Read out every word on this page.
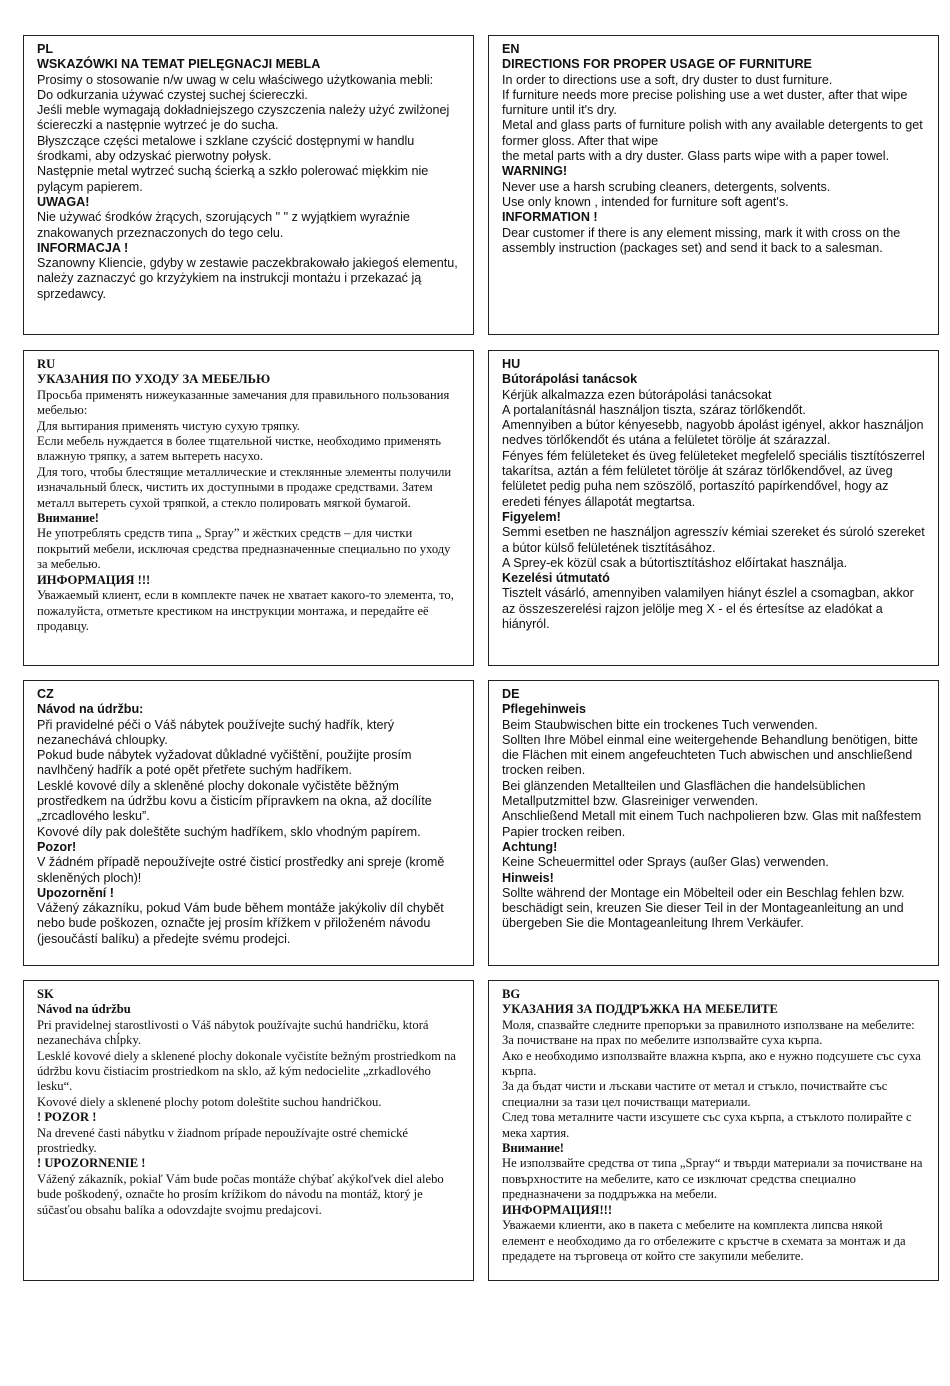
PL
WSKAZÓWKI NA TEMAT PIELĘGNACJI MEBLA
Prosimy o stosowanie n/w uwag w celu właściwego użytkowania mebli:
Do odkurzania używać czystej suchej ściereczki.
Jeśli meble wymagają dokładniejszego czyszczenia należy użyć zwilżonej ściereczki a następnie wytrzeć je do sucha.
Błyszczące części metalowe i szklane czyścić dostępnymi w handlu środkami, aby odzyskać pierwotny połysk.
Następnie metal wytrzeć suchą ścierką a szkło polerować miękkim nie pylącym papierem.
UWAGA!
Nie używać środków żrących, szorujących " " z wyjątkiem wyraźnie znakowanych przeznaczonych do tego celu.
INFORMACJA !
Szanowny Kliencie, gdyby w zestawie paczekbrakowało jakiegoś elementu, należy zaznaczyć go krzyżykiem na instrukcji montażu i przekazać ją sprzedawcy.
EN
DIRECTIONS FOR PROPER USAGE OF FURNITURE
In order to directions use a soft, dry duster to dust furniture.
If furniture needs more precise polishing use a wet duster, after that wipe furniture until it's dry.
Metal and glass parts of furniture polish with any available detergents to get former gloss. After that wipe
the metal parts with a dry duster. Glass parts wipe with a paper towel.
WARNING!
Never use a harsh scrubing cleaners, detergents, solvents.
Use only known , intended for furniture soft agent's.
INFORMATION !
Dear customer if there is any element missing, mark it with cross on the assembly instruction (packages set) and send it back to a salesman.
RU
УКАЗАНИЯ ПО УХОДУ ЗА МЕБЕЛЬЮ
Просьба применять нижеуказанные замечания для правильного пользования мебелью:
Для вытирания применять чистую сухую тряпку.
Если мебель нуждается в более тщательной чистке, необходимо применять влажную тряпку, а затем вытереть насухо.
Для того, чтобы блестящие металлические и стеклянные элементы получили изначальный блеск, чистить их доступными в продаже средствами. Затем металл вытереть сухой тряпкой, а стекло полировать мягкой бумагой.
Внимание!
Не употреблять средств типа „ Spray” и жёстких средств – для чистки покрытий мебели, исключая средства предназначенные специально по уходу за мебелью.
ИНФОРМАЦИЯ !!!
Уважаемый клиент, если в комплекте пачек не хватает какого-то элемента, то, пожалуйста, отметьте крестиком на инструкции монтажа, и передайте её продавцу.
HU
Bútorápolási tanácsok
Kérjük alkalmazza ezen bútorápolási tanácsokat
A portalanításnál használjon tiszta, száraz törlőkendőt.
Amennyiben a bútor kényesebb, nagyobb ápolást igényel, akkor használjon nedves törlőkendőt és utána a felületet törölje át szárazzal.
Fényes fém felületeket és üveg felületeket megfelelő speciális tisztítószerrel takarítsa, aztán a fém felületet törölje át száraz törlőkendővel, az üveg felületet pedig puha nem szöszölő, portaszító papírkendővel, hogy az eredeti fényes állapotát megtartsa.
Figyelem!
Semmi esetben ne használjon agresszív kémiai szereket és súroló szereket a bútor külső felületének tisztításához.
A Sprey-ek közül csak a bútortisztításhoz előírtakat használja.
Kezelési útmutató
Tisztelt vásárló, amennyiben valamilyen hiányt észlel a csomagban, akkor az összeszerelési rajzon jelölje meg X - el és értesítse az eladókat a hiányról.
CZ
Návod na údržbu:
Při pravidelné péči o Váš nábytek používejte suchý hadřík, který nezanechává chloupky.
Pokud bude nábytek vyžadovat důkladné vyčištění, použijte prosím navlhčený hadřík a poté opět přetřete suchým hadříkem.
Lesklé kovové díly a skleněné plochy dokonale vyčistěte běžným prostředkem na údržbu kovu a čisticím přípravkem na okna, až docílíte „zrcadlového lesku”.
Kovové díly pak doleštěte suchým hadříkem, sklo vhodným papírem.
Pozor!
V žádném případě nepoužívejte ostré čisticí prostředky ani spreje (kromě skleněných ploch)!
Upozornění !
Vážený zákazníku, pokud Vám bude během montáže jakýkoliv díl chybět nebo bude poškozen, označte jej prosím křížkem v přiloženém návodu (jesoučástí balíku) a předejte svému prodejci.
DE
Pflegehinweis
Beim Staubwischen bitte ein trockenes Tuch verwenden.
Sollten Ihre Möbel einmal eine weitergehende Behandlung benötigen, bitte die Flächen mit einem angefeuchteten Tuch abwischen und anschließend trocken reiben.
Bei glänzenden Metallteilen und Glasflächen die handelsüblichen Metallputzmittel bzw. Glasreiniger verwenden.
Anschließend Metall mit einem Tuch nachpolieren bzw. Glas mit naßfestem Papier trocken reiben.
Achtung!
Keine Scheuermittel oder Sprays (außer Glas) verwenden.
Hinweis!
Sollte während der Montage ein Möbelteil oder ein Beschlag fehlen bzw. beschädigt sein, kreuzen Sie dieser Teil in der Montageanleitung an und übergeben Sie die Montageanleitung Ihrem Verkäufer.
SK
Návod na údržbu
Pri pravidelnej starostlivosti o Váš nábytok používajte suchú handričku, ktorá nezanecháva chĺpky.
Lesklé kovové diely a sklenené plochy dokonale vyčistíte bežným prostriedkom na údržbu kovu čistiacim prostriedkom na sklo, až kým nedocielite „zrkadlového lesku“.
Kovové diely a sklenené plochy potom doleštite suchou handričkou.
! POZOR !
Na drevené časti nábytku v žiadnom prípade nepoužívajte ostré chemické prostriedky.
! UPOZORNENIE !
Vážený zákazník, pokiaľ Vám bude počas montáže chýbať akýkoľvek diel alebo bude poškodený, označte ho prosím krížikom do návodu na montáž, ktorý je súčasťou obsahu balíka a odovzdajte svojmu predajcovi.
BG
УКАЗАНИЯ ЗА ПОДДРЪЖКА НА МЕБЕЛИТЕ
Моля, спазвайте следните препоръки за правилното използване на мебелите:
За почистване на прах по мебелите използвайте суха кърпа.
Ако е необходимо използвайте влажна кърпа, ако е нужно подсушете със суха кърпа.
За да бъдат чисти и лъскави частите от метал и стъкло, почиствайте със специални за тази цел почистващи материали.
След това металните части изсушете със суха кърпа, а стъклото полирайте с мека хартия.
Внимание!
Не използвайте средства от типа „Spray“ и твърди материали за почистване на повърхностите на мебелите, като се изключат средства специално предназначени за поддръжка на мебели.
ИНФОРМАЦИЯ!!!
Уважаеми клиенти, ако в пакета с мебелите на комплекта липсва някой елемент е необходимо да го отбележите с кръстче в схемата за монтаж и да предадете на търговеца от който сте закупили мебелите.
